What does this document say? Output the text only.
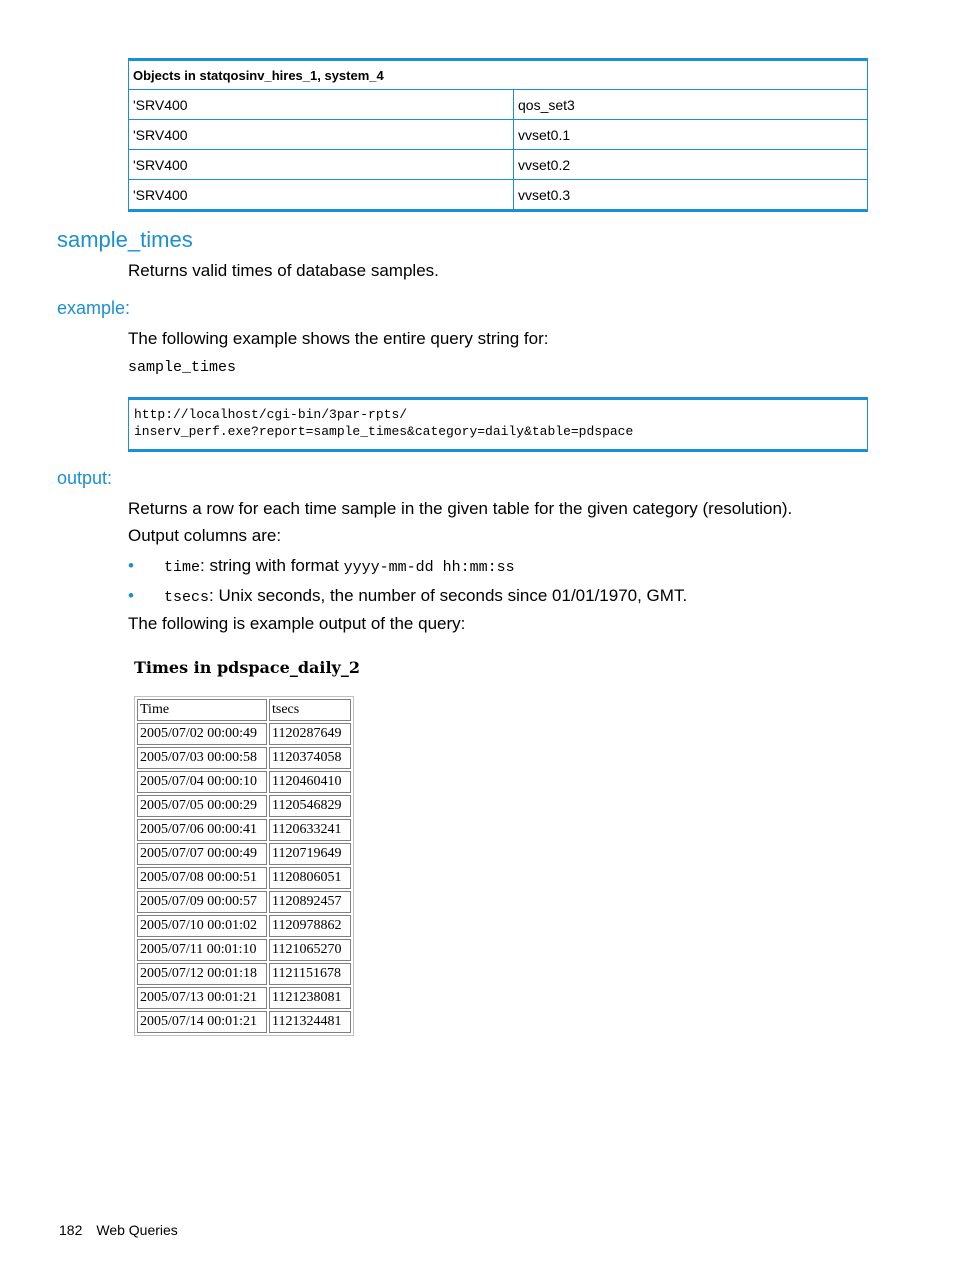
Objects in statqosinv_hires_1, system_4	
'SRV400	qos_set3
'SRV400	vvset0.1
'SRV400	vvset0.2
'SRV400	vvset0.3
sample_times

Returns valid times of database samples.

example:

The following example shows the entire query string for:

sample_times

http://localhost/cgi-bin/3par-rpts/
inserv_perf.exe?report=sample_times&category=daily&table=pdspace
output:

Returns a row for each time sample in the given table for the given category (resolution).

Output columns are:

• time: string with format yyyy-mm-dd hh:mm:ss
• tsecs: Unix seconds, the number of seconds since 01/01/1970, GMT.

The following is example output of the query:

Times in pdspace_daily_2
Time	tsecs
2005/07/02 00:00:49	1120287649
2005/07/03 00:00:58	1120374058
2005/07/04 00:00:10	1120460410
2005/07/05 00:00:29	1120546829
2005/07/06 00:00:41	1120633241
2005/07/07 00:00:49	1120719649
2005/07/08 00:00:51	1120806051
2005/07/09 00:00:57	1120892457
2005/07/10 00:01:02	1120978862
2005/07/11 00:01:10	1121065270
2005/07/12 00:01:18	1121151678
2005/07/13 00:01:21	1121238081
2005/07/14 00:01:21	1121324481
182 Web Queries
